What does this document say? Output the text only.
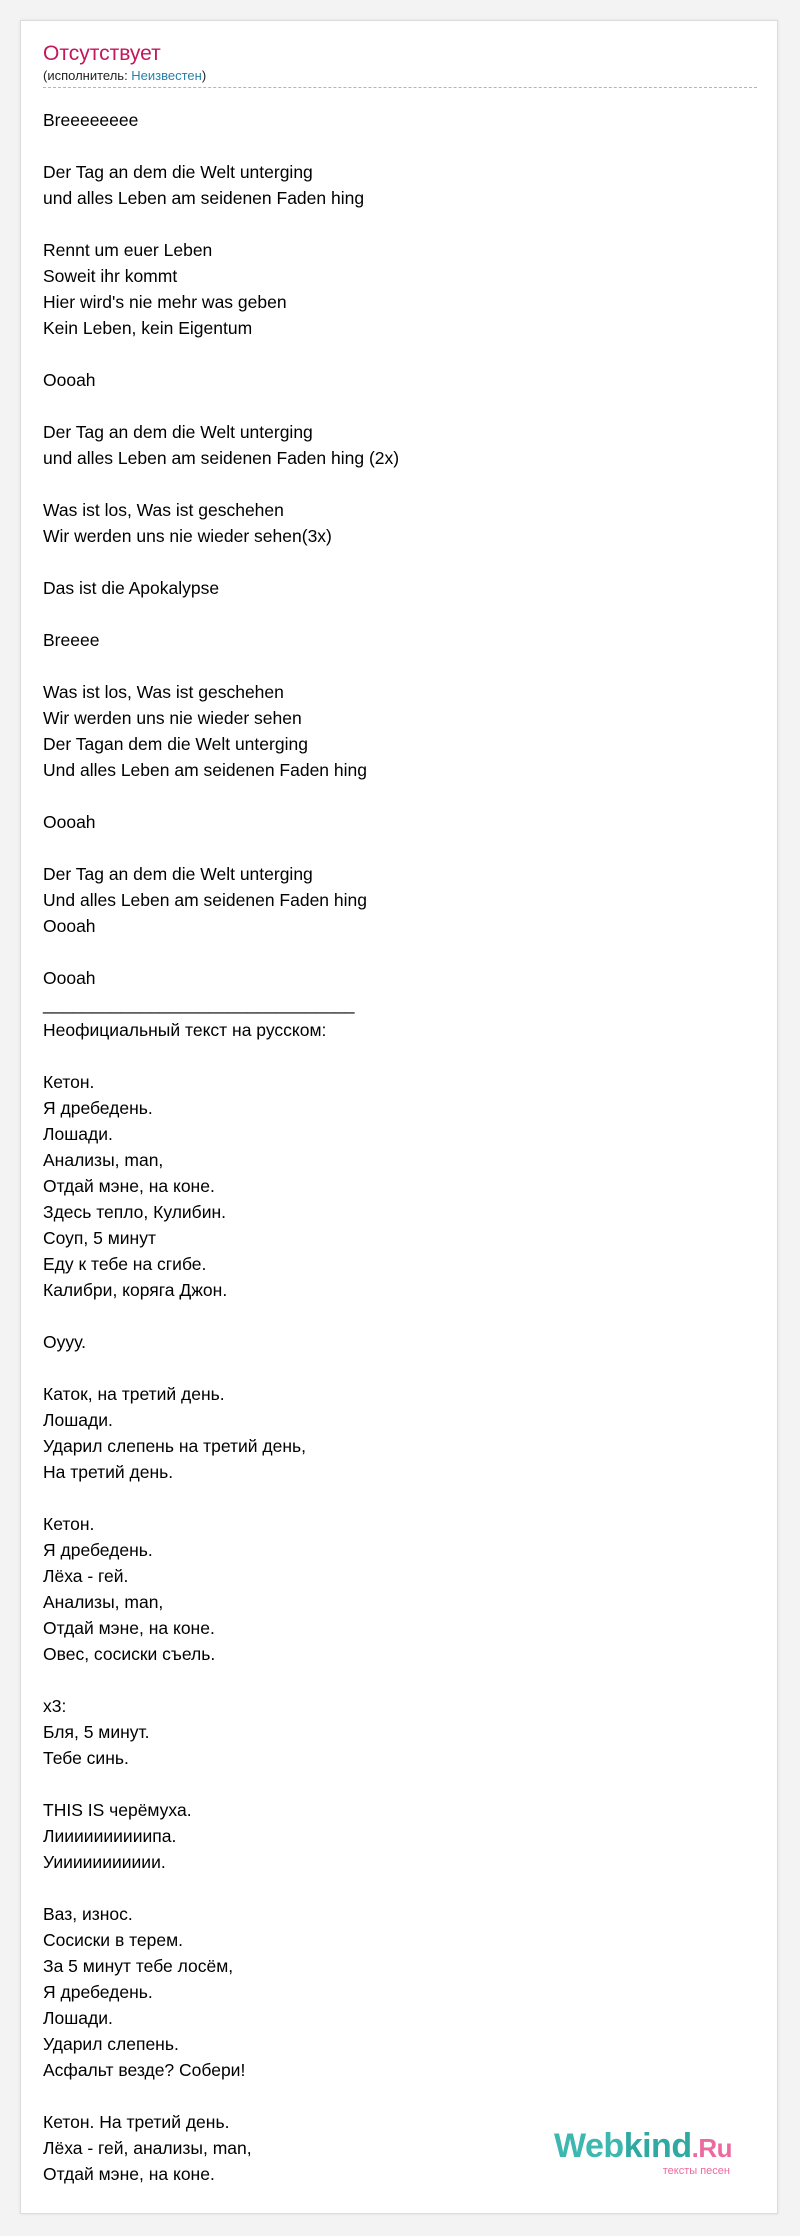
Отсутствует
(исполнитель: Неизвестен)
Breeeeeeee
Der Tag an dem die Welt unterging
und alles Leben am seidenen Faden hing
Rennt um euer Leben
Soweit ihr kommt
Hier wird's nie mehr was geben
Kein Leben, kein Eigentum
Oooah
Der Tag an dem die Welt unterging
und alles Leben am seidenen Faden hing (2x)
Was ist los, Was ist geschehen
Wir werden uns nie wieder sehen(3x)
Das ist die Apokalypse
Breeee
Was ist los, Was ist geschehen
Wir werden uns nie wieder sehen
Der Tagan dem die Welt unterging
Und alles Leben am seidenen Faden hing
Oooah
Der Tag an dem die Welt unterging
Und alles Leben am seidenen Faden hing
Oooah
Oooah
________________________________
Неофициальный текст на русском:
Кетон.
Я дребедень.
Лошади.
Анализы, man,
Отдай мэне, на коне.
Здесь тепло, Кулибин.
Соуп, 5 минут
Еду к тебе на сгибе.
Калибри, коряга Джон.
Оууу.
Каток, на третий день.
Лошади.
Ударил слепень на третий день,
На третий день.
Кетон.
Я дребедень.
Лёха - гей.
Анализы, man,
Отдай мэне, на коне.
Овес, сосиски съель.
x3:
Бля, 5 минут.
Тебе синь.
THIS IS черёмуха.
Лиииииииииипа.
Уиииииииииии.
Ваз, износ.
Сосиски в терем.
За 5 минут тебе лосём,
Я дребедень.
Лошади.
Ударил слепень.
Асфальт везде? Собери!
Кетон. На третий день.
Лёха - гей, анализы, man,
Отдай мэне, на коне.
Webkind.Ru
тексты песен
